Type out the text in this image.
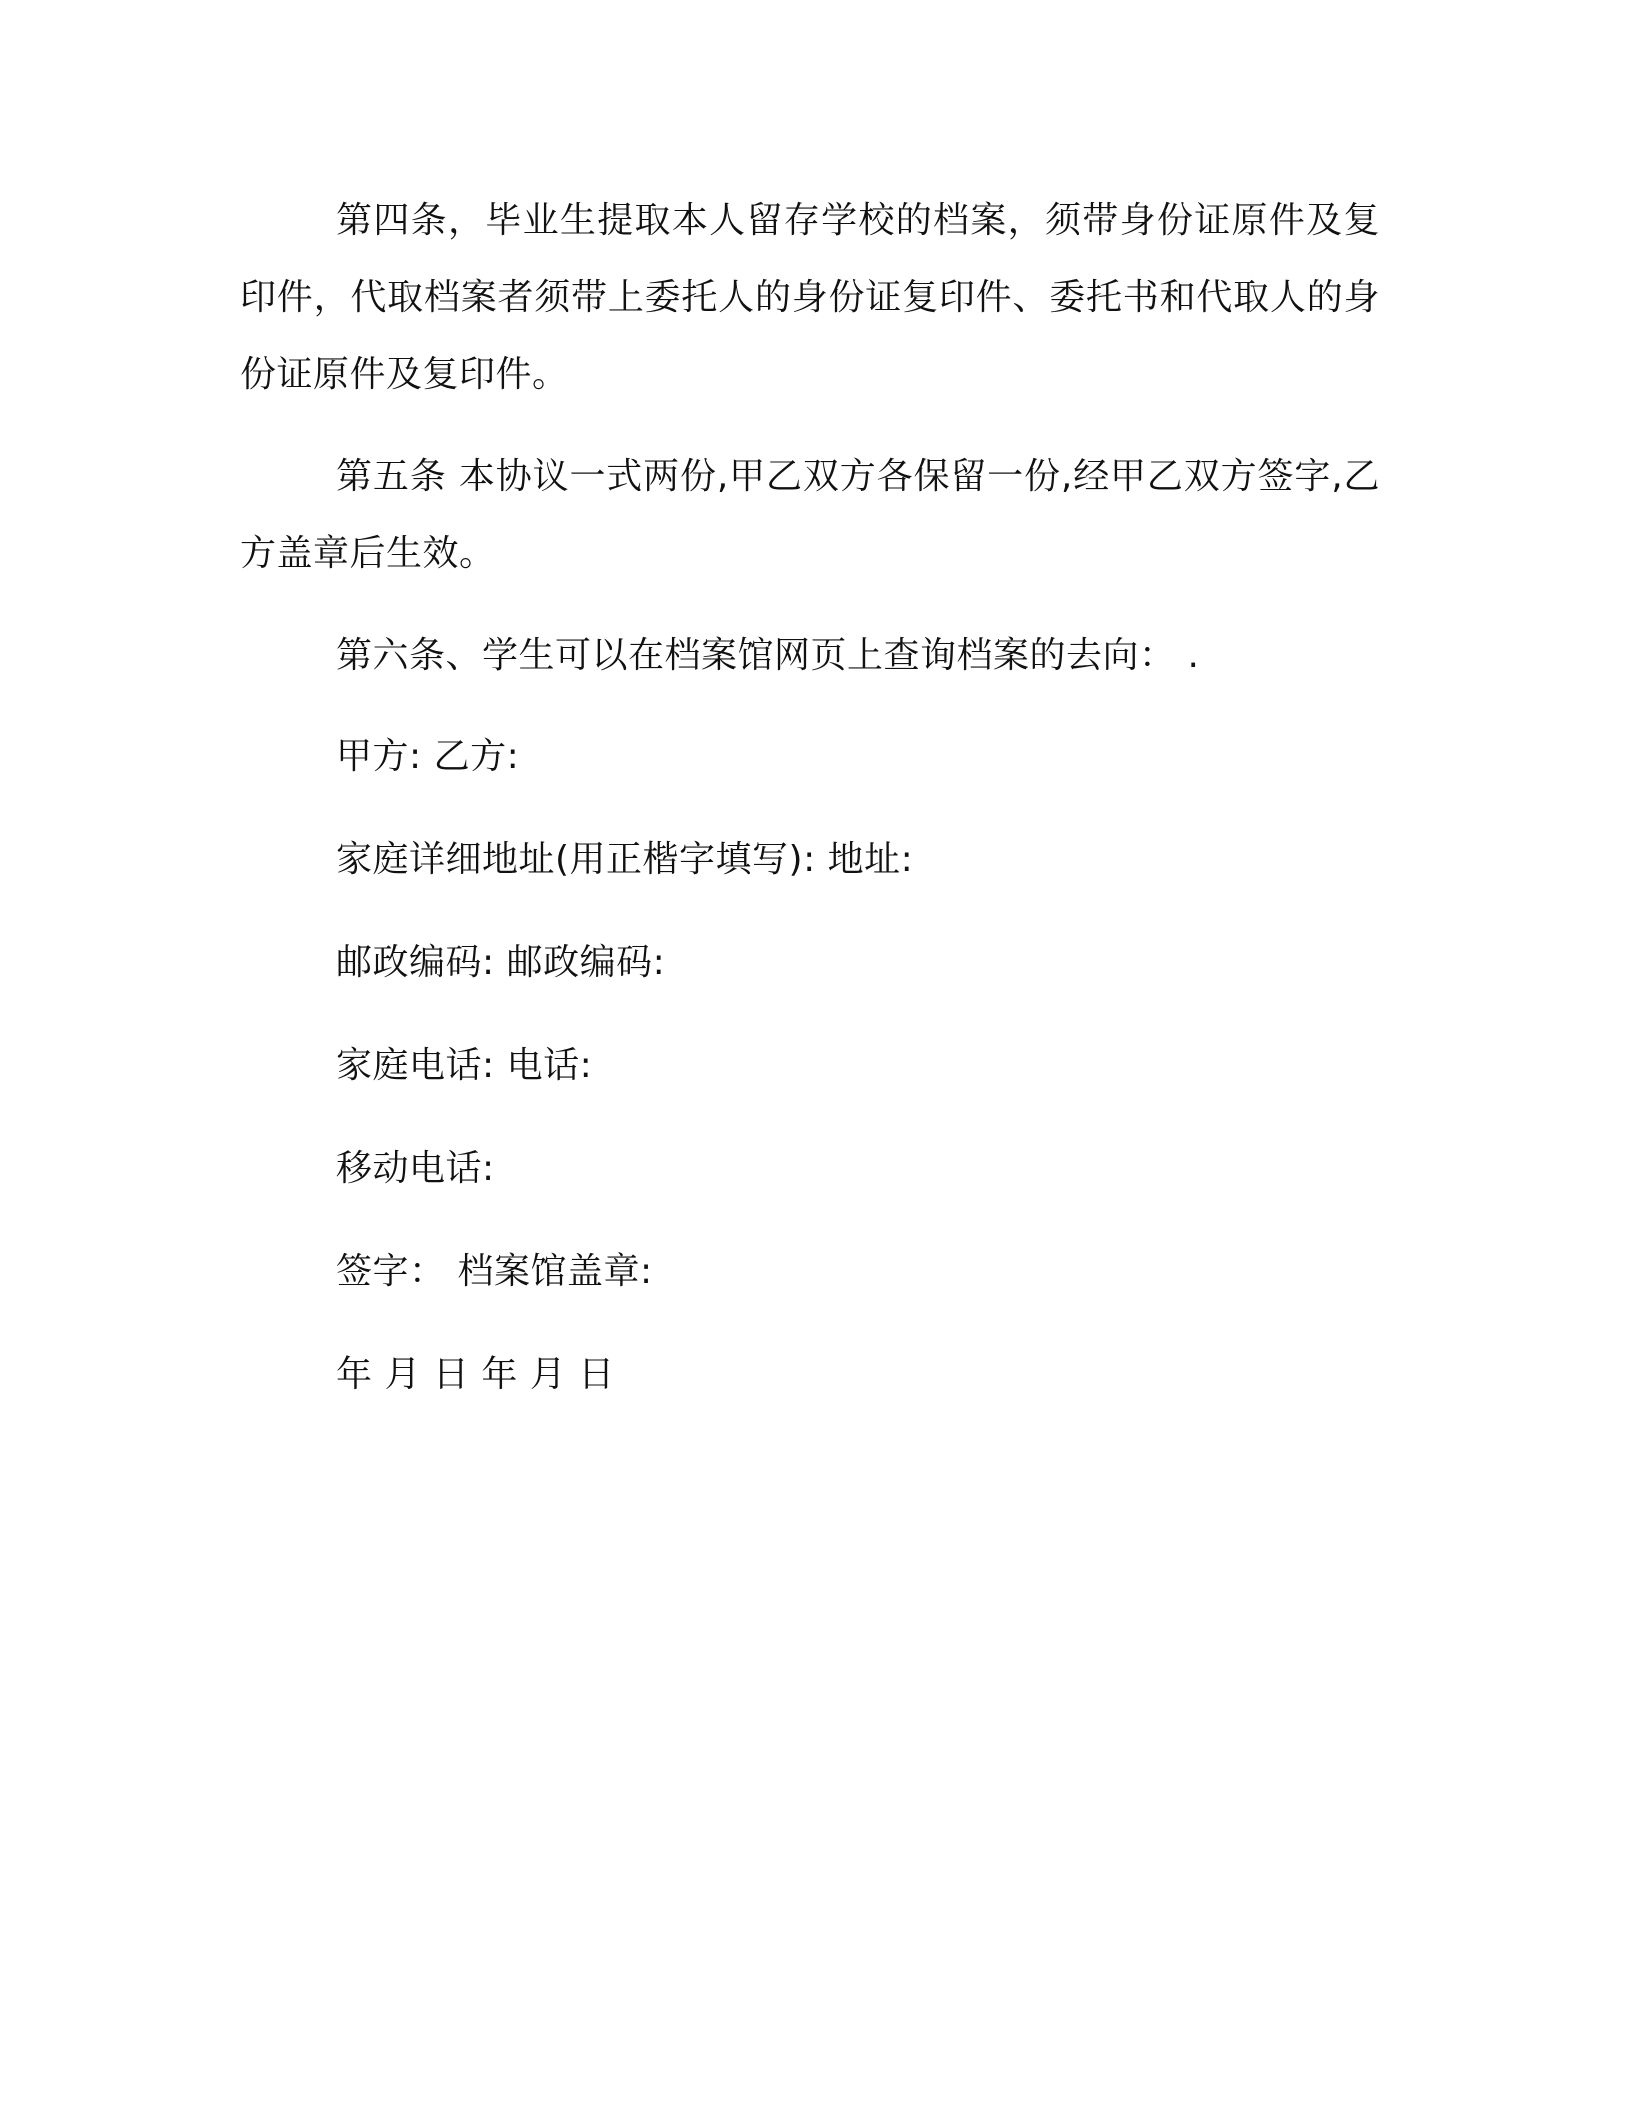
第四条，毕业生提取本人留存学校的档案，须带身份证原件及复印件，代取档案者须带上委托人的身份证复印件、委托书和代取人的身份证原件及复印件。

第五条 本协议一式两份,甲乙双方各保留一份,经甲乙双方签字,乙方盖章后生效。

第六条、学生可以在档案馆网页上查询档案的去向： .

甲方: 乙方:

家庭详细地址(用正楷字填写): 地址:

邮政编码: 邮政编码:

家庭电话: 电话:

移动电话:

签字： 档案馆盖章:

年 月 日 年 月 日
